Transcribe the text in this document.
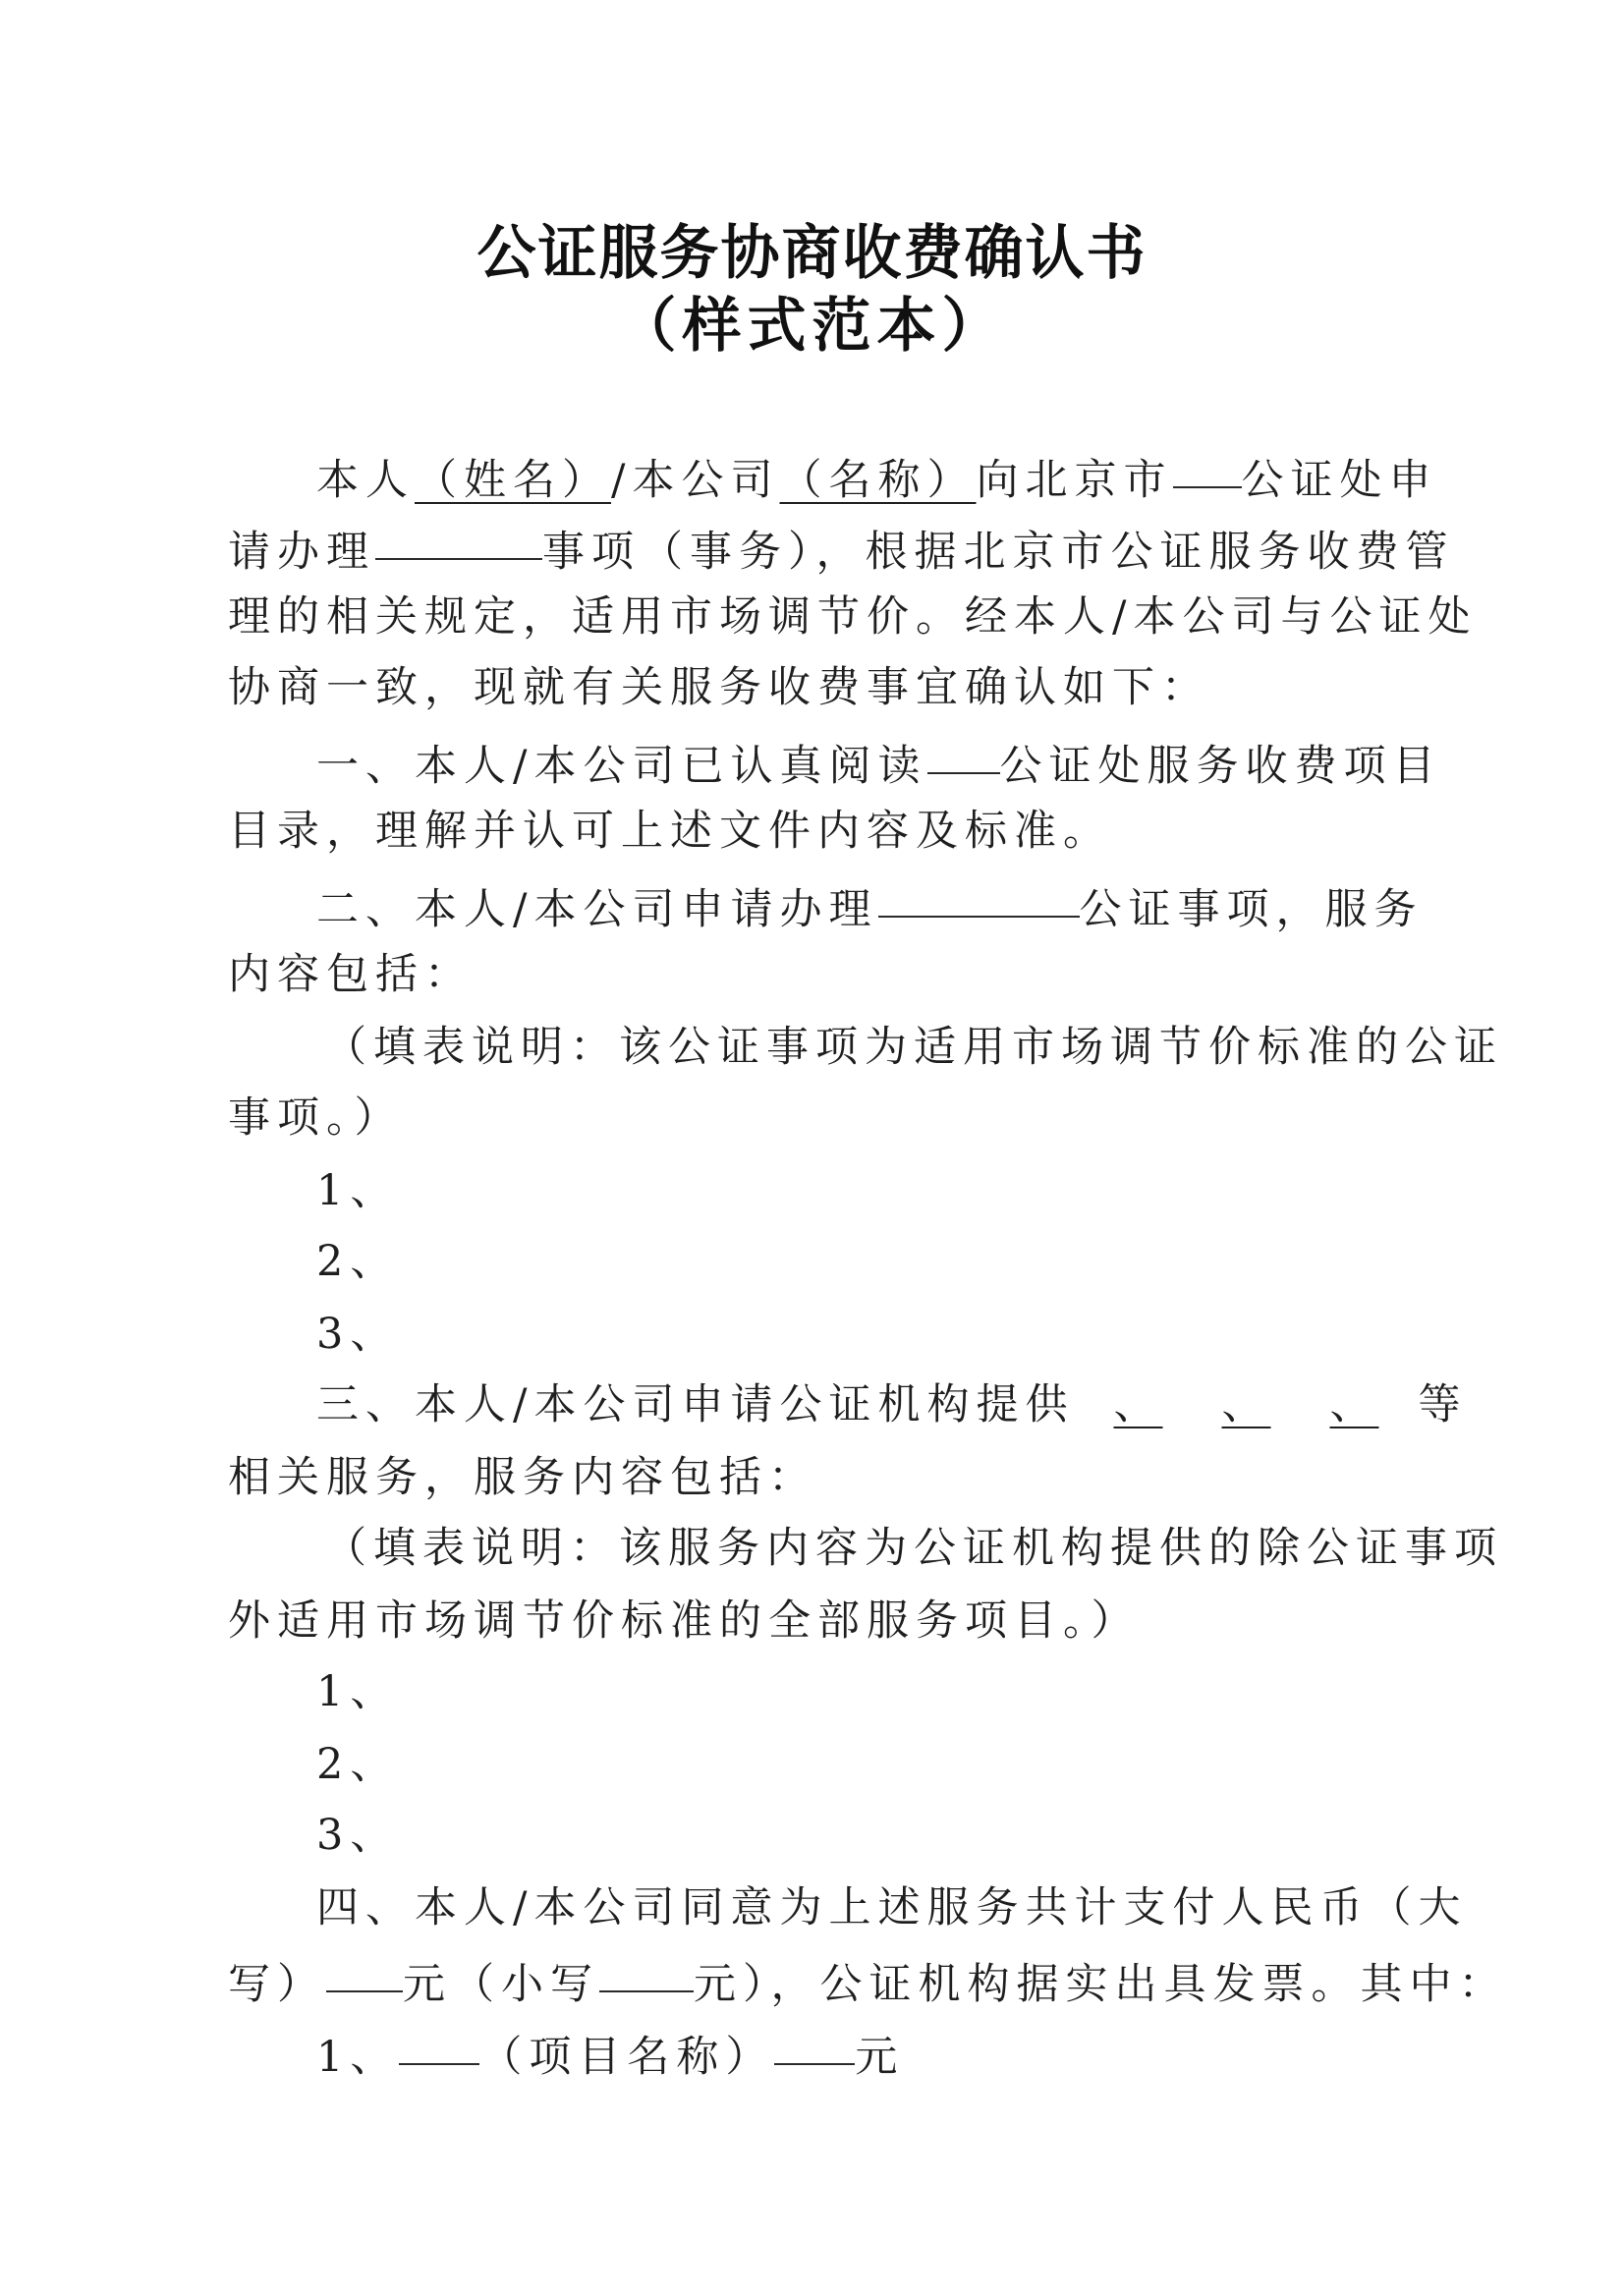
公证服务协商收费确认书
（样式范本）
本人（姓名）/本公司（名称）向北京市 公证处申
请办理	事项（事务），根据北京市公证服务收费管
理的相关规定，适用市场调节价。经本人/本公司与公证处
协商一致，现就有关服务收费事宜确认如下：
一、本人/本公司已认真阅读 公证处服务收费项目
目录，理解并认可上述文件内容及标准。
二、本人/本公司申请办理	公证事项，服务
内容包括：
（填表说明：该公证事项为适用市场调节价标准的公证
事项。）
1、
2、
3、
三、本人/本公司申请公证机构提供 、 、 、 等
相关服务，服务内容包括：
（填表说明：该服务内容为公证机构提供的除公证事项
外适用市场调节价标准的全部服务项目。）
1、
2、
3、
四、本人/本公司同意为上述服务共计支付人民币（大
写） 元（小写 元），公证机构据实出具发票。其中：
1、 （项目名称） 元
